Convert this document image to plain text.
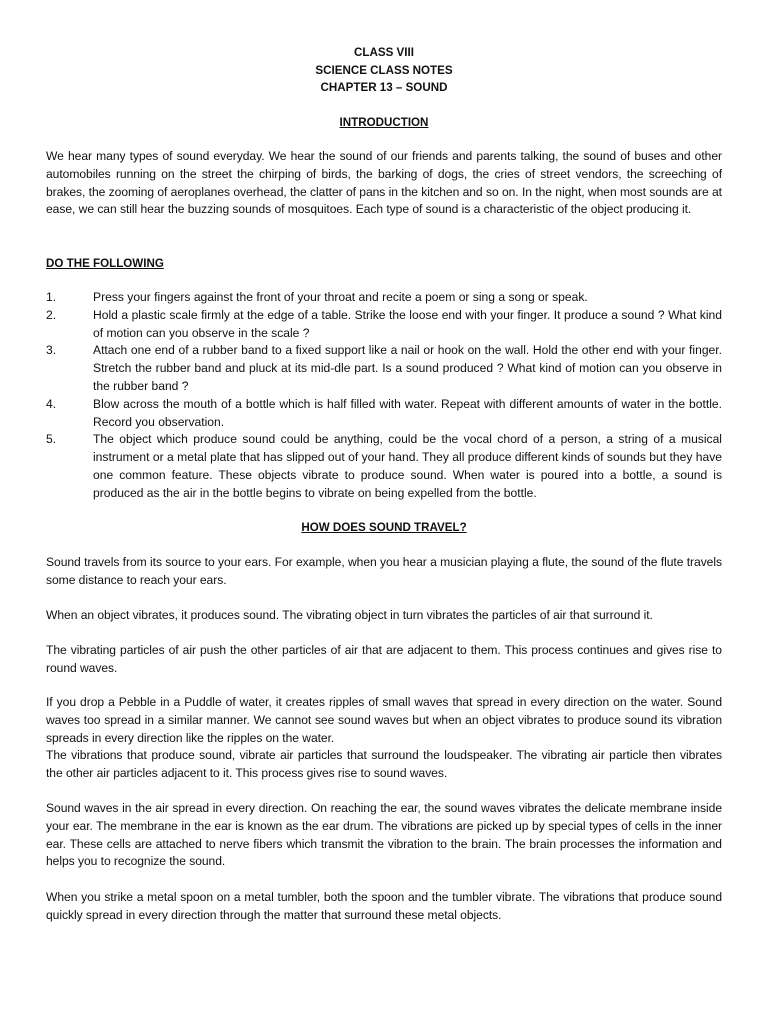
CLASS VIII
SCIENCE CLASS NOTES
CHAPTER 13 – SOUND
INTRODUCTION

We hear many types of sound everyday. We hear the sound of our friends and parents talking, the sound of buses and other automobiles running on the street the chirping of birds, the barking of dogs, the cries of street vendors, the screeching of brakes, the zooming of aeroplanes overhead, the clatter of pans in the kitchen and so on. In the night, when most sounds are at ease, we can still hear the buzzing sounds of mosquitoes. Each type of sound is a characteristic of the object producing it.

DO THE FOLLOWING
1.	Press your fingers against the front of your throat and recite a poem or sing a song or speak.
2.	Hold a plastic scale firmly at the edge of a table. Strike the loose end with your finger. It produce a sound ? What kind of motion can you observe in the scale ?
3.	Attach one end of a rubber band to a fixed support like a nail or hook on the wall. Hold the other end with your finger. Stretch the rubber band and pluck at its mid-dle part. Is a sound produced ? What kind of motion can you observe in the rubber band ?
4.	Blow across the mouth of a bottle which is half filled with water. Repeat with different amounts of water in the bottle. Record you observation.
5.	The object which produce sound could be anything, could be the vocal chord of a person, a string of a musical instrument or a metal plate that has slipped out of your hand. They all produce different kinds of sounds but they have one common feature. These objects vibrate to produce sound. When water is poured into a bottle, a sound is produced as the air in the bottle begins to vibrate on being expelled from the bottle.
HOW DOES SOUND TRAVEL?

Sound travels from its source to your ears. For example, when you hear a musician playing a flute, the sound of the flute travels some distance to reach your ears.

When an object vibrates, it produces sound. The vibrating object in turn vibrates the particles of air that surround it.

The vibrating particles of air push the other particles of air that are adjacent to them. This process continues and gives rise to round waves.

If you drop a Pebble in a Puddle of water, it creates ripples of small waves that spread in every direction on the water. Sound waves too spread in a similar manner. We cannot see sound waves but when an object vibrates to produce sound its vibration spreads in every direction like the ripples on the water.

The vibrations that produce sound, vibrate air particles that surround the loudspeaker. The vibrating air particle then vibrates the other air particles adjacent to it. This process gives rise to sound waves.

Sound waves in the air spread in every direction. On reaching the ear, the sound waves vibrates the delicate membrane inside your ear. The membrane in the ear is known as the ear drum. The vibrations are picked up by special types of cells in the inner ear. These cells are attached to nerve fibers which transmit the vibration to the brain. The brain processes the information and helps you to recognize the sound.

When you strike a metal spoon on a metal tumbler, both the spoon and the tumbler vibrate. The vibrations that produce sound quickly spread in every direction through the matter that surround these metal objects.
